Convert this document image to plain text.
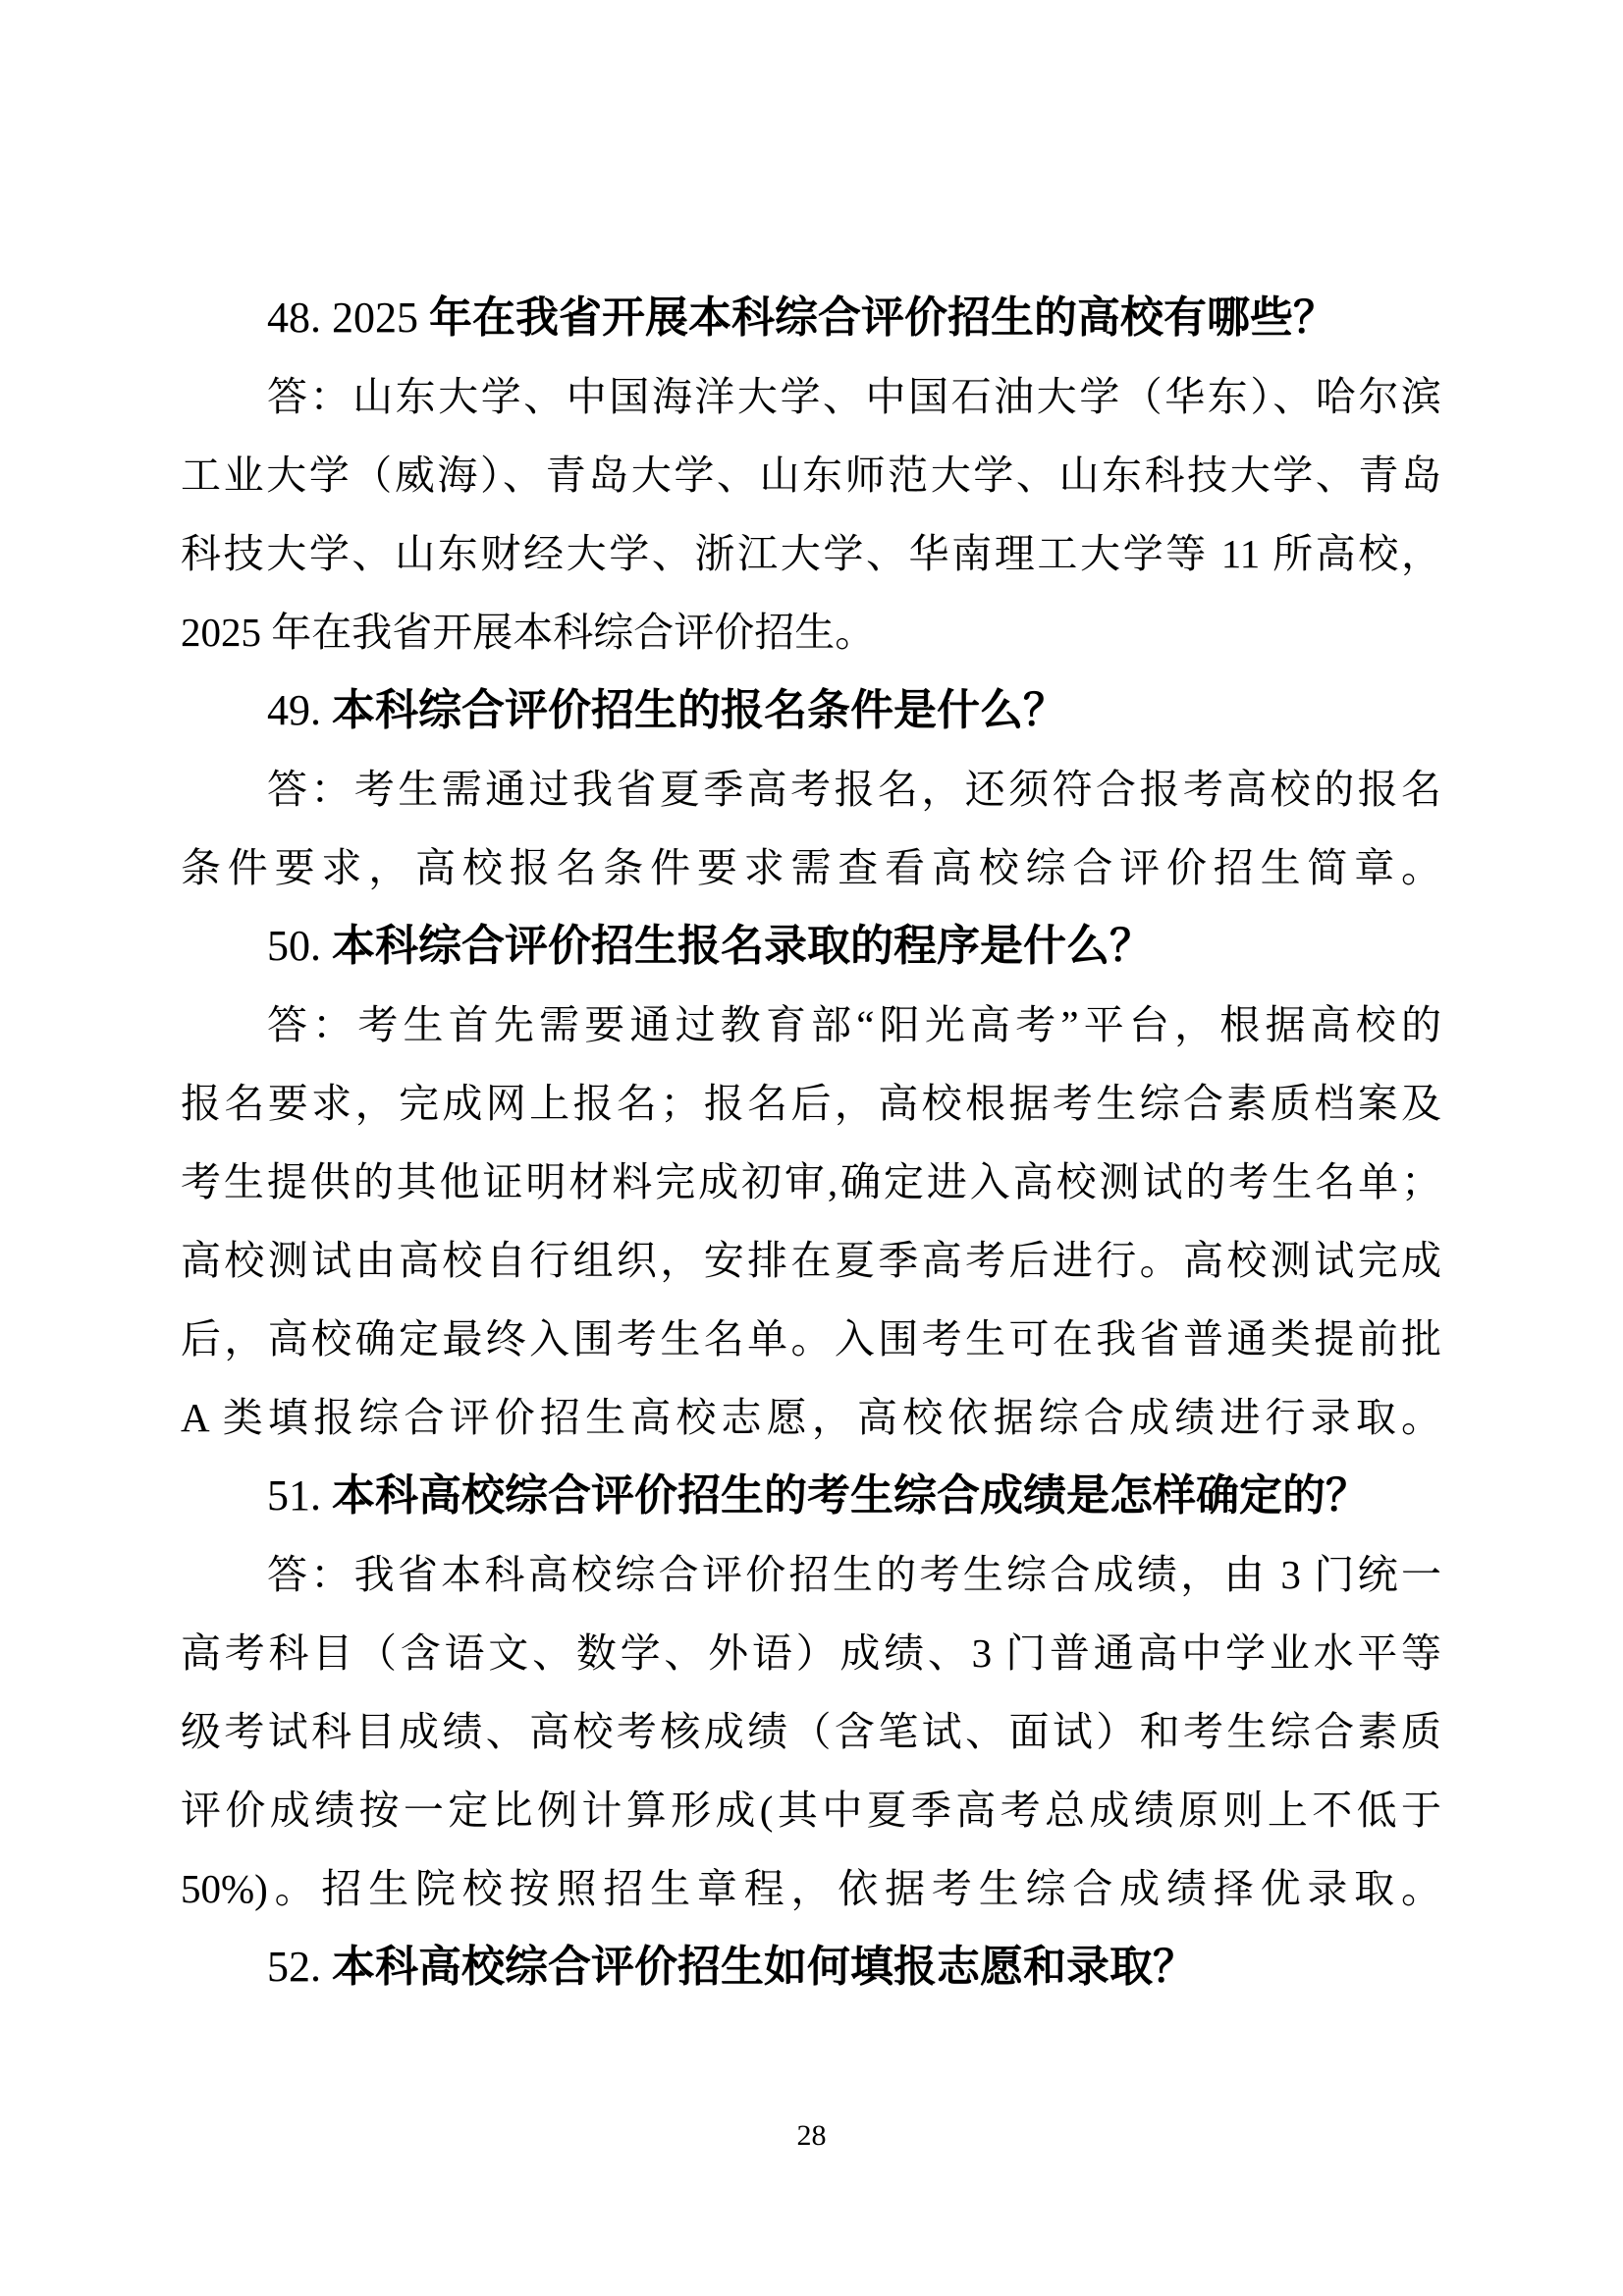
48. 2025 年在我省开展本科综合评价招生的高校有哪些？
答：山东大学、中国海洋大学、中国石油大学（华东）、哈尔滨
工业大学（威海）、青岛大学、山东师范大学、山东科技大学、青岛
科技大学、山东财经大学、浙江大学、华南理工大学等 11 所高校，
2025 年在我省开展本科综合评价招生。
49. 本科综合评价招生的报名条件是什么？
答：考生需通过我省夏季高考报名，还须符合报考高校的报名
条件要求，高校报名条件要求需查看高校综合评价招生简章。
50. 本科综合评价招生报名录取的程序是什么？
答：考生首先需要通过教育部“阳光高考”平台，根据高校的
报名要求，完成网上报名；报名后，高校根据考生综合素质档案及
考生提供的其他证明材料完成初审,确定进入高校测试的考生名单；
高校测试由高校自行组织，安排在夏季高考后进行。高校测试完成
后，高校确定最终入围考生名单。入围考生可在我省普通类提前批
A 类填报综合评价招生高校志愿，高校依据综合成绩进行录取。
51. 本科高校综合评价招生的考生综合成绩是怎样确定的？
答：我省本科高校综合评价招生的考生综合成绩，由 3 门统一
高考科目（含语文、数学、外语）成绩、3 门普通高中学业水平等
级考试科目成绩、高校考核成绩（含笔试、面试）和考生综合素质
评价成绩按一定比例计算形成(其中夏季高考总成绩原则上不低于
50%)。招生院校按照招生章程，依据考生综合成绩择优录取。
52. 本科高校综合评价招生如何填报志愿和录取？
28
